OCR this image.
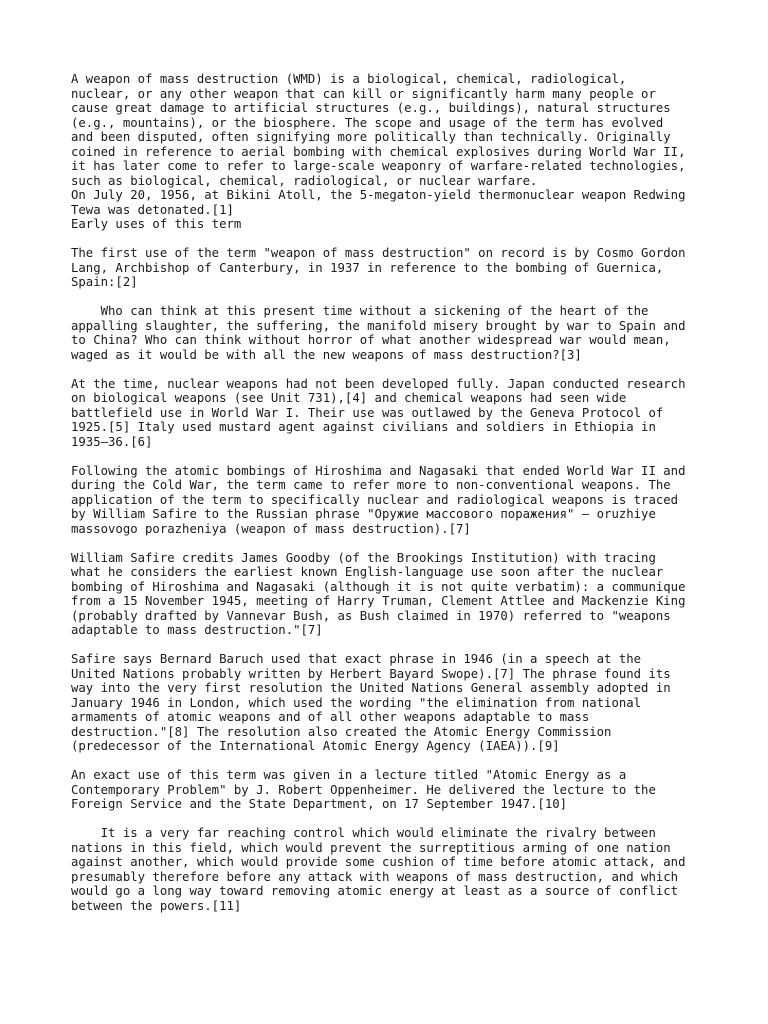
A weapon of mass destruction (WMD) is a biological, chemical, radiological,
nuclear, or any other weapon that can kill or significantly harm many people or
cause great damage to artificial structures (e.g., buildings), natural structures
(e.g., mountains), or the biosphere. The scope and usage of the term has evolved
and been disputed, often signifying more politically than technically. Originally
coined in reference to aerial bombing with chemical explosives during World War II,
it has later come to refer to large-scale weaponry of warfare-related technologies,
such as biological, chemical, radiological, or nuclear warfare.
On July 20, 1956, at Bikini Atoll, the 5-megaton-yield thermonuclear weapon Redwing
Tewa was detonated.[1]
Early uses of this term
The first use of the term "weapon of mass destruction" on record is by Cosmo Gordon
Lang, Archbishop of Canterbury, in 1937 in reference to the bombing of Guernica,
Spain:[2]
Who can think at this present time without a sickening of the heart of the
appalling slaughter, the suffering, the manifold misery brought by war to Spain and
to China? Who can think without horror of what another widespread war would mean,
waged as it would be with all the new weapons of mass destruction?[3]
At the time, nuclear weapons had not been developed fully. Japan conducted research
on biological weapons (see Unit 731),[4] and chemical weapons had seen wide
battlefield use in World War I. Their use was outlawed by the Geneva Protocol of
1925.[5] Italy used mustard agent against civilians and soldiers in Ethiopia in
1935–36.[6]
Following the atomic bombings of Hiroshima and Nagasaki that ended World War II and
during the Cold War, the term came to refer more to non-conventional weapons. The
application of the term to specifically nuclear and radiological weapons is traced
by William Safire to the Russian phrase "Оружие массового поражения" – oruzhiye
massovogo porazheniya (weapon of mass destruction).[7]
William Safire credits James Goodby (of the Brookings Institution) with tracing
what he considers the earliest known English-language use soon after the nuclear
bombing of Hiroshima and Nagasaki (although it is not quite verbatim): a communique
from a 15 November 1945, meeting of Harry Truman, Clement Attlee and Mackenzie King
(probably drafted by Vannevar Bush, as Bush claimed in 1970) referred to "weapons
adaptable to mass destruction."[7]
Safire says Bernard Baruch used that exact phrase in 1946 (in a speech at the
United Nations probably written by Herbert Bayard Swope).[7] The phrase found its
way into the very first resolution the United Nations General assembly adopted in
January 1946 in London, which used the wording "the elimination from national
armaments of atomic weapons and of all other weapons adaptable to mass
destruction."[8] The resolution also created the Atomic Energy Commission
(predecessor of the International Atomic Energy Agency (IAEA)).[9]
An exact use of this term was given in a lecture titled "Atomic Energy as a
Contemporary Problem" by J. Robert Oppenheimer. He delivered the lecture to the
Foreign Service and the State Department, on 17 September 1947.[10]
It is a very far reaching control which would eliminate the rivalry between
nations in this field, which would prevent the surreptitious arming of one nation
against another, which would provide some cushion of time before atomic attack, and
presumably therefore before any attack with weapons of mass destruction, and which
would go a long way toward removing atomic energy at least as a source of conflict
between the powers.[11]
